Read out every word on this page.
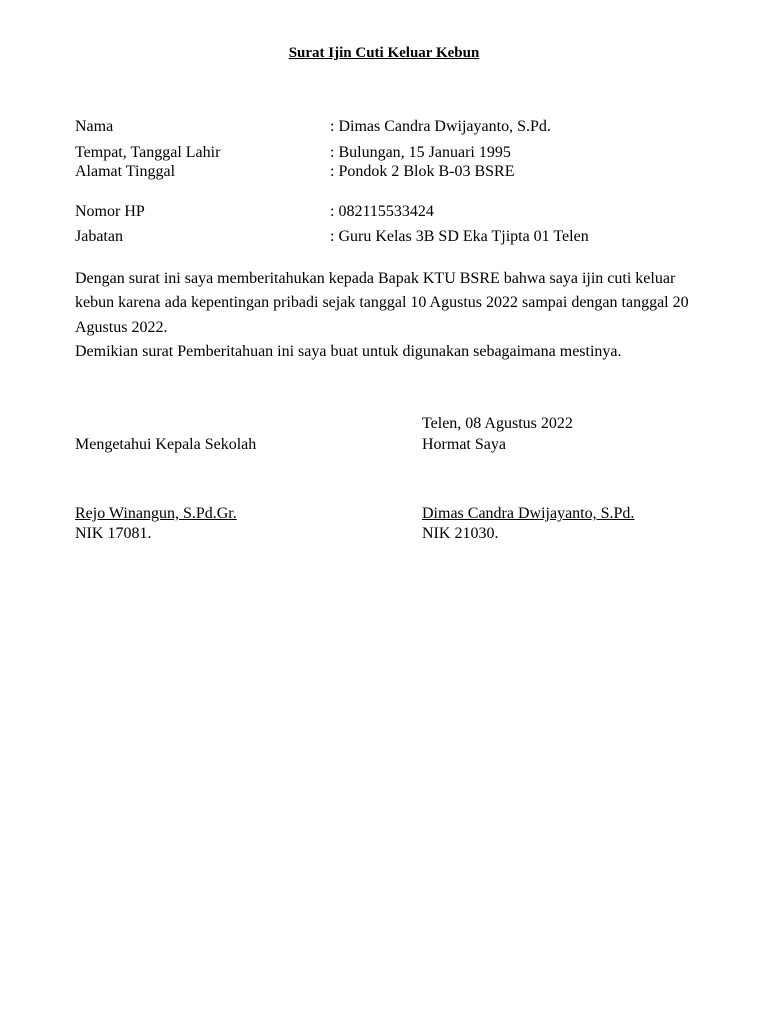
Surat Ijin Cuti Keluar Kebun
Nama	: Dimas Candra Dwijayanto, S.Pd.
Tempat, Tanggal Lahir	: Bulungan, 15 Januari 1995
Alamat Tinggal	: Pondok 2 Blok B-03 BSRE
Nomor HP	: 082115533424
Jabatan	: Guru Kelas 3B SD Eka Tjipta 01 Telen

Dengan surat ini saya memberitahukan kepada Bapak KTU BSRE bahwa saya ijin cuti keluar kebun karena ada kepentingan pribadi sejak tanggal 10 Agustus 2022 sampai dengan tanggal 20 Agustus 2022.

Demikian surat Pemberitahuan ini saya buat untuk digunakan sebagaimana mestinya.

Telen, 08 Agustus 2022
Mengetahui Kepala Sekolah	Hormat Saya
Rejo Winangun, S.Pd.Gr.	Dimas Candra Dwijayanto, S.Pd.
NIK 17081.	NIK 21030.
